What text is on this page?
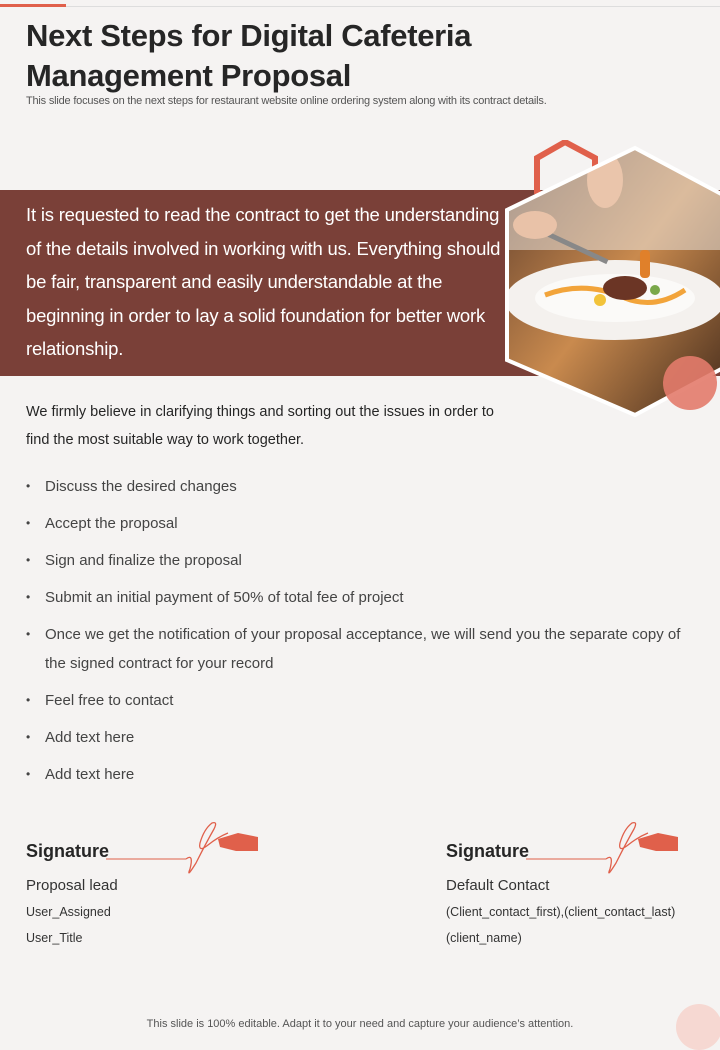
Next Steps for Digital Cafeteria Management Proposal
This slide focuses on the next steps for restaurant website online ordering system along with its contract details.
It is requested to read the contract to get the understanding of the details involved in working with us. Everything should be fair, transparent and easily understandable at the beginning in order to lay a solid foundation for better work relationship.
We firmly believe in clarifying things and sorting out the issues in order to find the most suitable way to work together.
• Discuss the desired changes
• Accept the proposal
• Sign and finalize the proposal
• Submit an initial payment of 50% of total fee of project
• Once we get the notification of your proposal acceptance, we will send you the separate copy of the signed contract for your record
• Feel free to contact
• Add text here
• Add text here
Signature
Proposal lead
User_Assigned
User_Title
Signature
Default Contact
(Client_contact_first),(client_contact_last)
(client_name)
This slide is 100% editable. Adapt it to your need and capture your audience’s attention.
